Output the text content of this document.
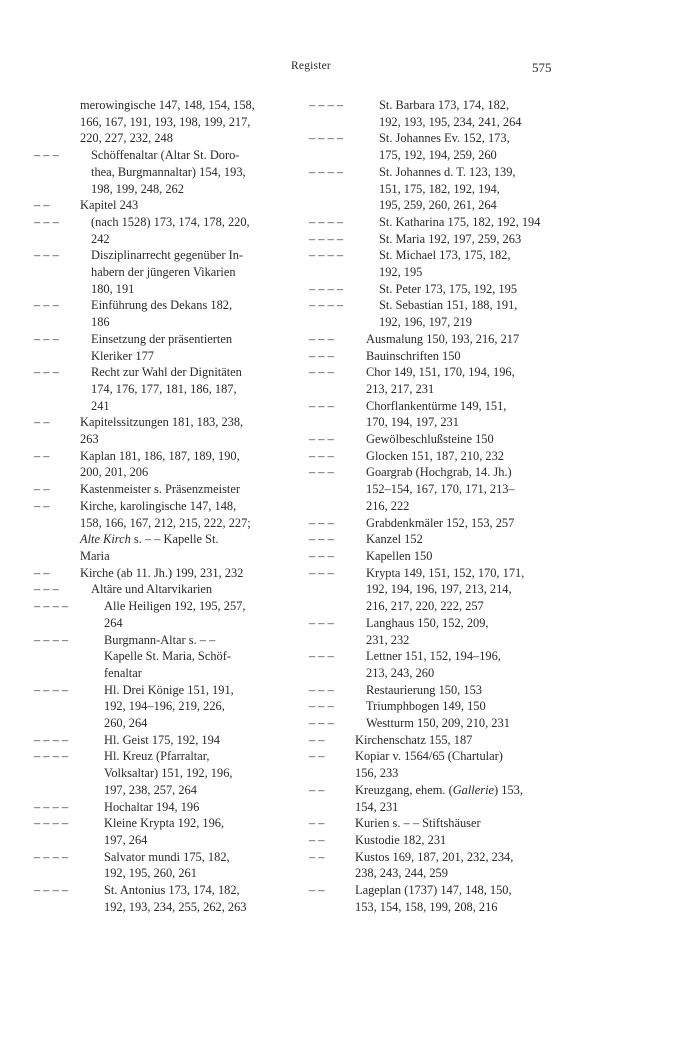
Register	575
merowingische 147, 148, 154, 158,
166, 167, 191, 193, 198, 199, 217,
220, 227, 232, 248
– – –	Schöffenaltar (Altar St. Doro-
thea, Burgmannaltar) 154, 193,
198, 199, 248, 262
– – Kapitel 243
– – –	(nach 1528) 173, 174, 178, 220,
242
– – –	Disziplinarrecht gegenüber In-
habern der jüngeren Vikarien
180, 191
– – –	Einführung des Dekans 182,
186
– – –	Einsetzung der präsentierten
Kleriker 177
– – –	Recht zur Wahl der Dignitäten
174, 176, 177, 181, 186, 187,
241
– – Kapitelssitzungen 181, 183, 238,
263
– – Kaplan 181, 186, 187, 189, 190,
200, 201, 206
– – Kastenmeister s. Präsenzmeister
– – Kirche, karolingische 147, 148,
158, 166, 167, 212, 215, 222, 227;
Alte Kirch s. – – Kapelle St.
Maria
– – Kirche (ab 11. Jh.) 199, 231, 232
– – –	Altäre und Altarvikarien
– – – –	Alle Heiligen 192, 195, 257,
264
– – – –	Burgmann-Altar s. – –
Kapelle St. Maria, Schöf-
fenaltar
– – – –	Hl. Drei Könige 151, 191,
192, 194–196, 219, 226,
260, 264
– – – –	Hl. Geist 175, 192, 194
– – – –	Hl. Kreuz (Pfarraltar,
Volksaltar) 151, 192, 196,
197, 238, 257, 264
– – – –	Hochaltar 194, 196
– – – –	Kleine Krypta 192, 196,
197, 264
– – – –	Salvator mundi 175, 182,
192, 195, 260, 261
– – – –	St. Antonius 173, 174, 182,
192, 193, 234, 255, 262, 263
– – – –	St. Barbara 173, 174, 182,
192, 193, 195, 234, 241, 264
– – – –	St. Johannes Ev. 152, 173,
175, 192, 194, 259, 260
– – – –	St. Johannes d. T. 123, 139,
151, 175, 182, 192, 194,
195, 259, 260, 261, 264
– – – –	St. Katharina 175, 182, 192, 194
– – – –	St. Maria 192, 197, 259, 263
– – – –	St. Michael 173, 175, 182,
192, 195
– – – –	St. Peter 173, 175, 192, 195
– – – –	St. Sebastian 151, 188, 191,
192, 196, 197, 219
– – –	Ausmalung 150, 193, 216, 217
– – –	Bauinschriften 150
– – –	Chor 149, 151, 170, 194, 196,
213, 217, 231
– – –	Chorflankentürme 149, 151,
170, 194, 197, 231
– – –	Gewölbeschlußsteine 150
– – –	Glocken 151, 187, 210, 232
– – –	Goargrab (Hochgrab, 14. Jh.)
152–154, 167, 170, 171, 213–
216, 222
– – –	Grabdenkmäler 152, 153, 257
– – –	Kanzel 152
– – –	Kapellen 150
– – –	Krypta 149, 151, 152, 170, 171,
192, 194, 196, 197, 213, 214,
216, 217, 220, 222, 257
– – –	Langhaus 150, 152, 209,
231, 232
– – –	Lettner 151, 152, 194–196,
213, 243, 260
– – –	Restaurierung 150, 153
– – –	Triumphbogen 149, 150
– – –	Westturm 150, 209, 210, 231
– – Kirchenschatz 155, 187
– – Kopiar v. 1564/65 (Chartular)
156, 233
– – Kreuzgang, ehem. (Gallerie) 153,
154, 231
– – Kurien s. – – Stiftshäuser
– – Kustodie 182, 231
– – Kustos 169, 187, 201, 232, 234,
238, 243, 244, 259
– – Lageplan (1737) 147, 148, 150,
153, 154, 158, 199, 208, 216
